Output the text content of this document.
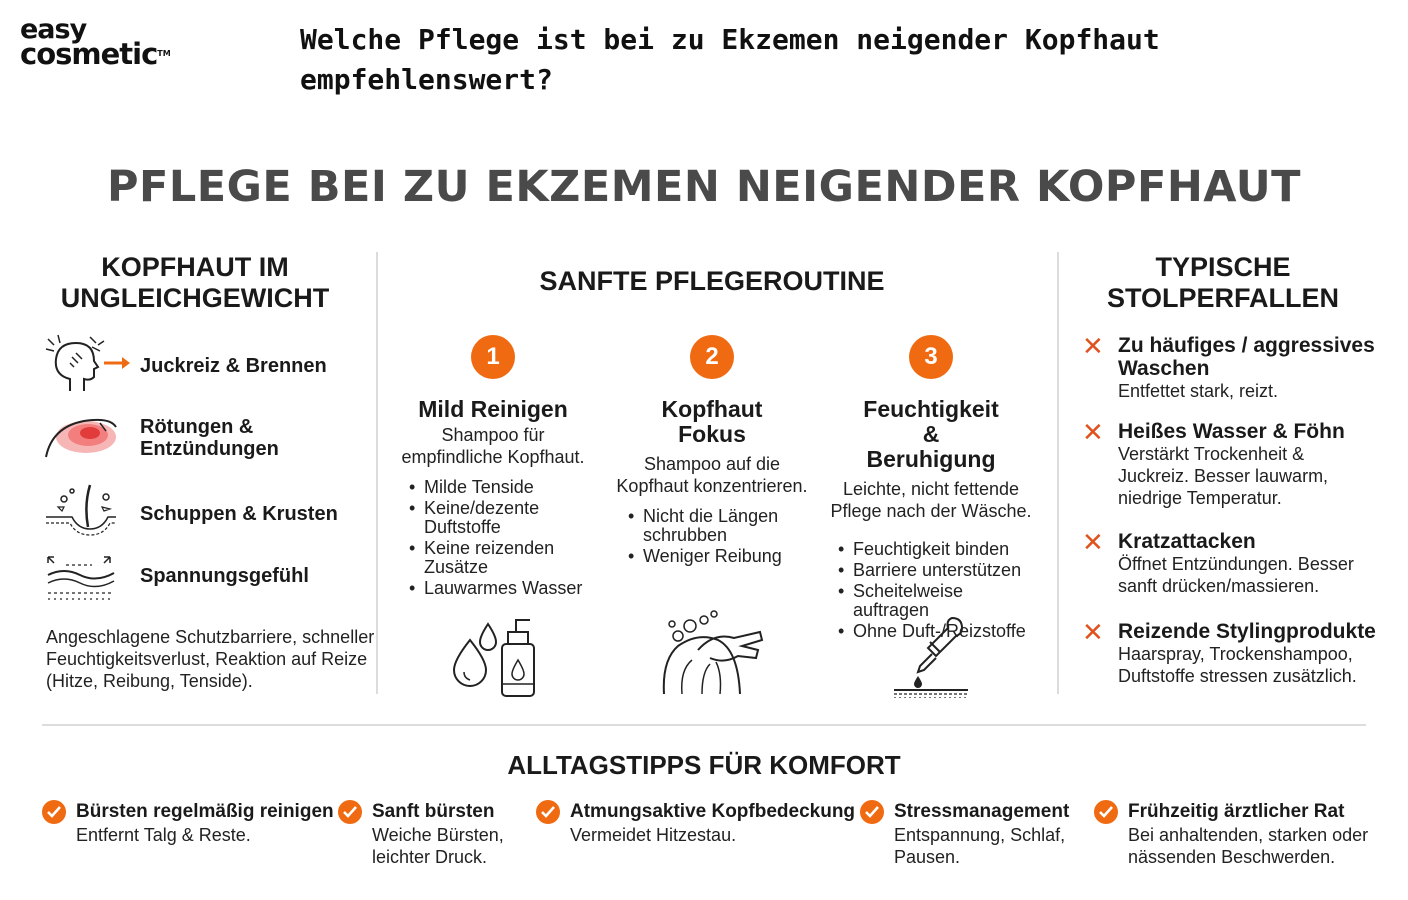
easy
cosmetic™	Welche Pflege ist bei zu Ekzemen neigender Kopfhaut empfehlenswert?
PFLEGE BEI ZU EKZEMEN NEIGENDER KOPFHAUT
KOPFHAUT IM UNGLEICHGEWICHT
Juckreiz & Brennen
Rötungen & Entzündungen
Schuppen & Krusten
Spannungsgefühl
Angeschlagene Schutzbarriere, schneller Feuchtigkeitsverlust, Reaktion auf Reize (Hitze, Reibung, Tenside).
SANFTE PFLEGEROUTINE
1
Mild Reinigen
Shampoo für empfindliche Kopfhaut.
• Milde Tenside
• Keine/dezente Duftstoffe
• Keine reizenden Zusätze
• Lauwarmes Wasser
2
Kopfhaut Fokus
Shampoo auf die Kopfhaut konzentrieren.
• Nicht die Längen schrubben
• Weniger Reibung
3
Feuchtigkeit & Beruhigung
Leichte, nicht fettende Pflege nach der Wäsche.
• Feuchtigkeit binden
• Barriere unterstützen
• Scheitelweise auftragen
• Ohne Duft-/Reizstoffe
TYPISCHE STOLPERFALLEN
✕ Zu häufiges / aggressives Waschen
Entfettet stark, reizt.
✕ Heißes Wasser & Föhn
Verstärkt Trockenheit & Juckreiz. Besser lauwarm, niedrige Temperatur.
✕ Kratzattacken
Öffnet Entzündungen. Besser sanft drücken/massieren.
✕ Reizende Stylingprodukte
Haarspray, Trockenshampoo, Duftstoffe stressen zusätzlich.
ALLTAGSTIPPS FÜR KOMFORT
Bürsten regelmäßig reinigen
Entfernt Talg & Reste.
Sanft bürsten
Weiche Bürsten, leichter Druck.
Atmungsaktive Kopfbedeckung
Vermeidet Hitzestau.
Stressmanagement
Entspannung, Schlaf, Pausen.
Frühzeitig ärztlicher Rat
Bei anhaltenden, starken oder nässenden Beschwerden.
